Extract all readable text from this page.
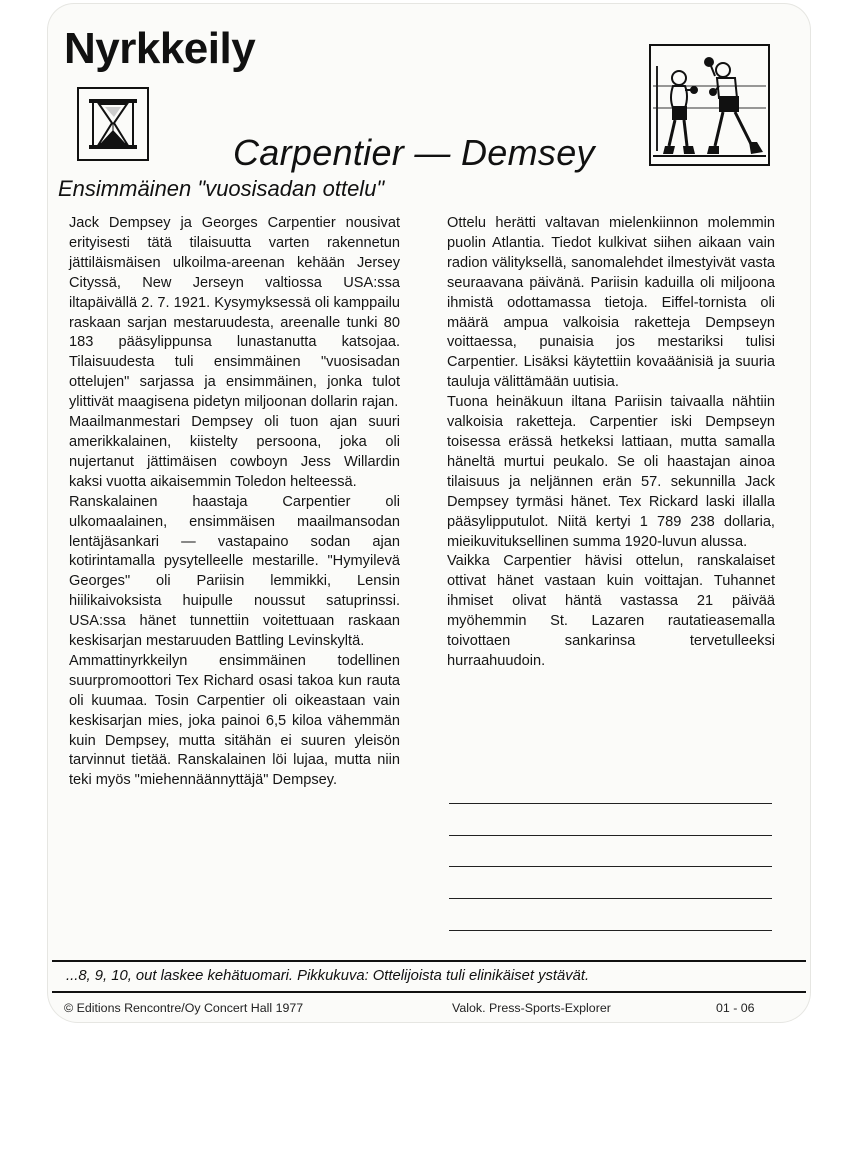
Nyrkkeily
Carpentier — Demsey
Ensimmäinen "vuosisadan ottelu"

Jack Dempsey ja Georges Carpentier nousivat erityisesti tätä tilaisuutta varten rakennetun jättiläismäisen ulkoilma-areenan kehään Jersey Cityssä, New Jerseyn valtiossa USA:ssa iltapäivällä 2. 7. 1921. Kysymyksessä oli kamppailu raskaan sarjan mestaruudesta, areenalle tunki 80 183 pääsylippunsa lunastanutta katsojaa. Tilaisuudesta tuli ensimmäinen "vuosisadan ottelujen" sarjassa ja ensimmäinen, jonka tulot ylittivät maagisena pidetyn miljoonan dollarin rajan.

Maailmanmestari Dempsey oli tuon ajan suuri amerikkalainen, kiistelty persoona, joka oli nujertanut jättimäisen cowboyn Jess Willardin kaksi vuotta aikaisemmin Toledon helteessä.

Ranskalainen haastaja Carpentier oli ulkomaalainen, ensimmäisen maailmansodan lentäjäsankari — vastapaino sodan ajan kotirintamalla pysytelleelle mestarille. "Hymyilevä Georges" oli Pariisin lemmikki, Lensin hiilikaivoksista huipulle noussut satuprinssi. USA:ssa hänet tunnettiin voitettuaan raskaan keskisarjan mestaruuden Battling Levinskyltä.

Ammattinyrkkeilyn ensimmäinen todellinen suurpromoottori Tex Richard osasi takoa kun rauta oli kuumaa. Tosin Carpentier oli oikeastaan vain keskisarjan mies, joka painoi 6,5 kiloa vähemmän kuin Dempsey, mutta sitähän ei suuren yleisön tarvinnut tietää. Ranskalainen löi lujaa, mutta niin teki myös "miehennäännyttäjä" Dempsey.

Ottelu herätti valtavan mielenkiinnon molemmin puolin Atlantia. Tiedot kulkivat siihen aikaan vain radion välityksellä, sanomalehdet ilmestyivät vasta seuraavana päivänä. Pariisin kaduilla oli miljoona ihmistä odottamassa tietoja. Eiffel-tornista oli määrä ampua valkoisia raketteja Dempseyn voittaessa, punaisia jos mestariksi tulisi Carpentier. Lisäksi käytettiin kovaäänisiä ja suuria tauluja välittämään uutisia.

Tuona heinäkuun iltana Pariisin taivaalla nähtiin valkoisia raketteja. Carpentier iski Dempseyn toisessa erässä hetkeksi lattiaan, mutta samalla häneltä murtui peukalo. Se oli haastajan ainoa tilaisuus ja neljännen erän 57. sekunnilla Jack Dempsey tyrmäsi hänet. Tex Rickard laski illalla pääsylipputulot. Niitä kertyi 1 789 238 dollaria, mieikuvituksellinen summa 1920-luvun alussa.

Vaikka Carpentier hävisi ottelun, ranskalaiset ottivat hänet vastaan kuin voittajan. Tuhannet ihmiset olivat häntä vastassa 21 päivää myöhemmin St. Lazaren rautatieasemalla toivottaen sankarinsa tervetulleeksi hurraahuudoin.

...8, 9, 10, out laskee kehätuomari. Pikkukuva: Ottelijoista tuli elinikäiset ystävät.
© Editions Rencontre/Oy Concert Hall 1977	Valok. Press-Sports-Explorer	01 - 06
